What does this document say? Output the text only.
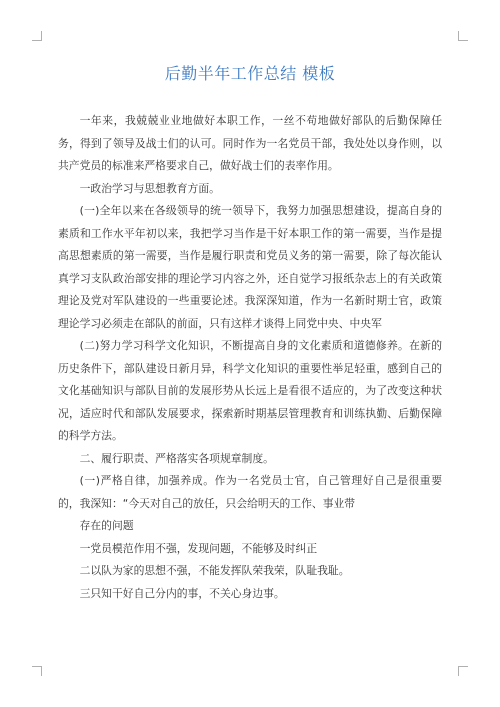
后勤半年工作总结 模板

一年来，我兢兢业业地做好本职工作，一丝不苟地做好部队的后勤保障任务，得到了领导及战士们的认可。同时作为一名党员干部，我处处以身作则，以共产党员的标准来严格要求自己，做好战士们的表率作用。

一政治学习与思想教育方面。

(一)全年以来在各级领导的统一领导下，我努力加强思想建设，提高自身的素质和工作水平年初以来，我把学习当作是干好本职工作的第一需要，当作是提高思想素质的第一需要，当作是履行职责和党员义务的第一需要，除了每次能认真学习支队政治部安排的理论学习内容之外，还自觉学习报纸杂志上的有关政策理论及党对军队建设的一些重要论述。我深深知道，作为一名新时期士官，政策理论学习必须走在部队的前面，只有这样才谈得上同党中央、中央军

(二)努力学习科学文化知识，不断提高自身的文化素质和道德修养。在新的历史条件下，部队建设日新月异，科学文化知识的重要性举足轻重，感到自己的文化基础知识与部队目前的发展形势从长远上是看很不适应的，为了改变这种状况，适应时代和部队发展要求，探索新时期基层管理教育和训练执勤、后勤保障的科学方法。

二、履行职责、严格落实各项规章制度。

(一)严格自律，加强养成。作为一名党员士官，自己管理好自己是很重要的，我深知：“今天对自己的放任，只会给明天的工作、事业带

存在的问题

一党员模范作用不强，发现问题，不能够及时纠正

二以队为家的思想不强，不能发挥队荣我荣，队耻我耻。

三只知干好自己分内的事，不关心身边事。
